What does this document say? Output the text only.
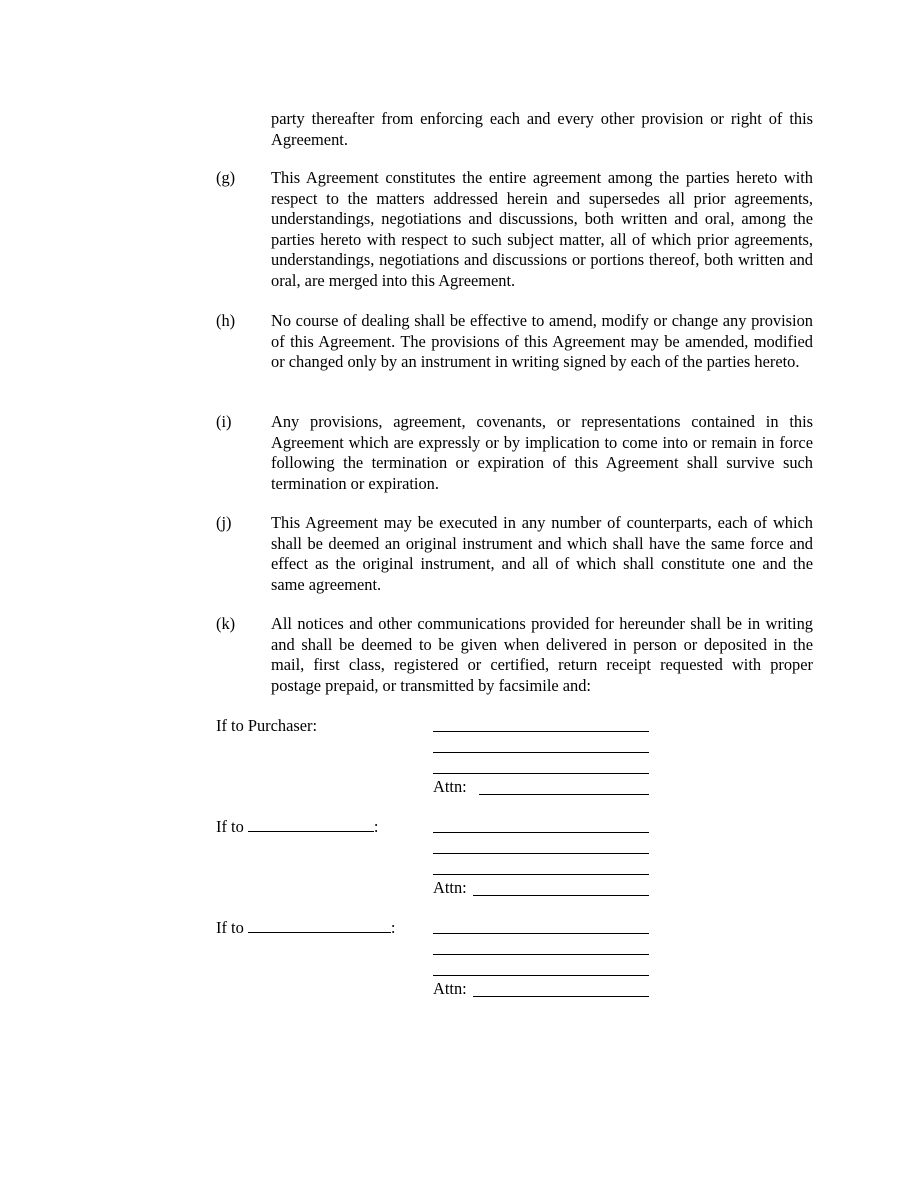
party thereafter from enforcing each and every other provision or right of this Agreement.
(g)	This Agreement constitutes the entire agreement among the parties hereto with respect to the matters addressed herein and supersedes all prior agreements, understandings, negotiations and discussions, both written and oral, among the parties hereto with respect to such subject matter, all of which prior agreements, understandings, negotiations and discussions or portions thereof, both written and oral, are merged into this Agreement.
(h)	No course of dealing shall be effective to amend, modify or change any provision of this Agreement. The provisions of this Agreement may be amended, modified or changed only by an instrument in writing signed by each of the parties hereto.
(i)	Any provisions, agreement, covenants, or representations contained in this Agreement which are expressly or by implication to come into or remain in force following the termination or expiration of this Agreement shall survive such termination or expiration.
(j)	This Agreement may be executed in any number of counterparts, each of which shall be deemed an original instrument and which shall have the same force and effect as the original instrument, and all of which shall constitute one and the same agreement.
(k)	All notices and other communications provided for hereunder shall be in writing and shall be deemed to be given when delivered in person or deposited in the mail, first class, registered or certified, return receipt requested with proper postage prepaid, or transmitted by facsimile and:
If to Purchaser:
Attn:
If to	:
Attn:
If to	:
Attn:
